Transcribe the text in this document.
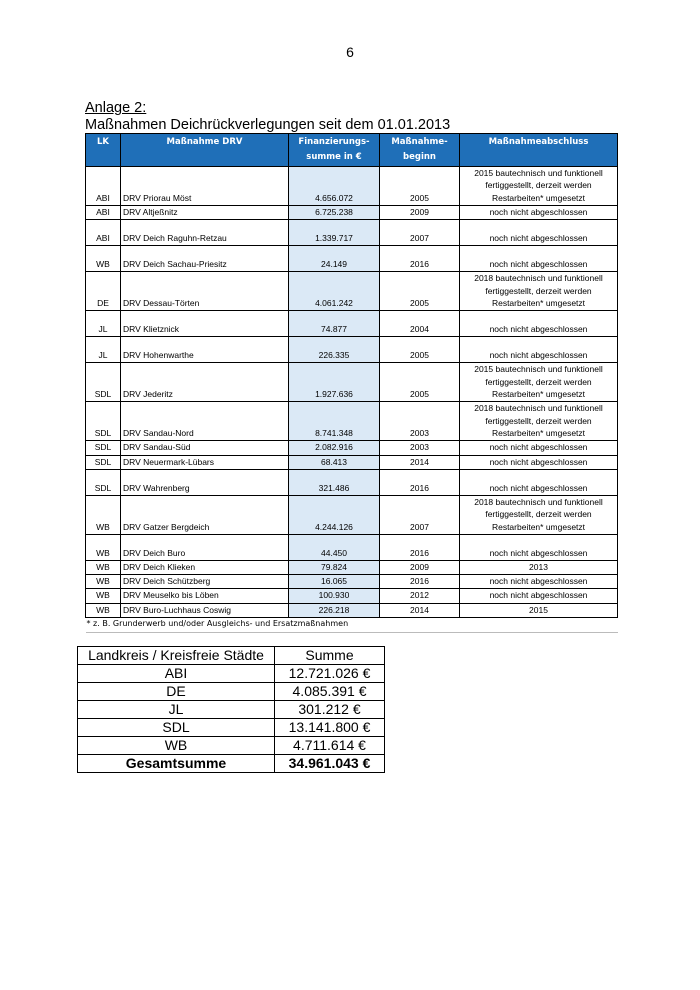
6
Anlage 2:
Maßnahmen Deichrückverlegungen seit dem 01.01.2013
LK	Maßnahme DRV	Finanzierungs-summe in €	Maßnahme-beginn	Maßnahmeabschluss
ABI	DRV Priorau Möst	4.656.072	2005	2015 bautechnisch und funktionell
fertiggestellt, derzeit werden
Restarbeiten* umgesetzt

ABI	DRV Altjeßnitz	6.725.238	2009	noch nicht abgeschlossen

ABI	DRV Deich Raguhn-Retzau	1.339.717	2007	noch nicht abgeschlossen

WB	DRV Deich Sachau-Priesitz	24.149	2016	noch nicht abgeschlossen

DE	DRV Dessau-Törten	4.061.242	2005	2018 bautechnisch und funktionell
fertiggestellt, derzeit werden
Restarbeiten* umgesetzt

JL	DRV Klietznick	74.877	2004	noch nicht abgeschlossen

JL	DRV Hohenwarthe	226.335	2005	noch nicht abgeschlossen

SDL	DRV Jederitz	1.927.636	2005	2015 bautechnisch und funktionell
fertiggestellt, derzeit werden
Restarbeiten* umgesetzt

SDL	DRV Sandau-Nord	8.741.348	2003	2018 bautechnisch und funktionell
fertiggestellt, derzeit werden
Restarbeiten* umgesetzt

SDL	DRV Sandau-Süd	2.082.916	2003	noch nicht abgeschlossen

SDL	DRV Neuermark-Lübars	68.413	2014	noch nicht abgeschlossen

SDL	DRV Wahrenberg	321.486	2016	noch nicht abgeschlossen

WB	DRV Gatzer Bergdeich	4.244.126	2007	2018 bautechnisch und funktionell
fertiggestellt, derzeit werden
Restarbeiten* umgesetzt

WB	DRV Deich Buro	44.450	2016	noch nicht abgeschlossen

WB	DRV Deich Klieken	79.824	2009	2013

WB	DRV Deich Schützberg	16.065	2016	noch nicht abgeschlossen

WB	DRV Meuselko bis Löben	100.930	2012	noch nicht abgeschlossen

WB	DRV Buro-Luchhaus Coswig	226.218	2014	2015

* z. B. Grunderwerb und/oder Ausgleichs- und Ersatzmaßnahmen				
Landkreis / Kreisfreie Städte	Summe
ABI	12.721.026 €
DE	4.085.391 €
JL	301.212 €
SDL	13.141.800 €
WB	4.711.614 €
Gesamtsumme	34.961.043 €
